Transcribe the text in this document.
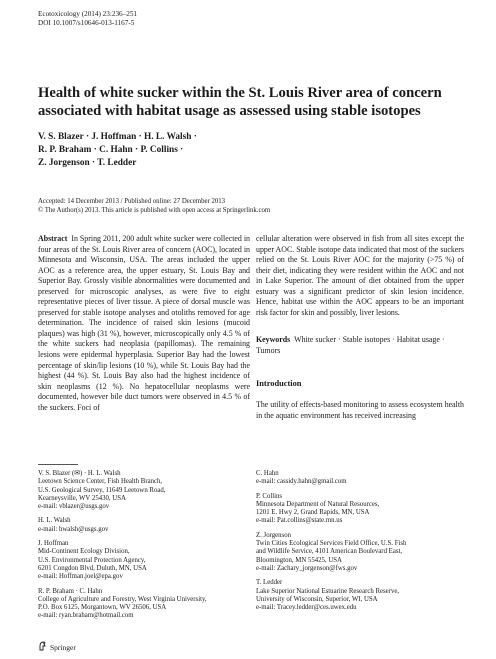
Ecotoxicology (2014) 23:236–251
DOI 10.1007/s10646-013-1167-5
Health of white sucker within the St. Louis River area of concern
associated with habitat usage as assessed using stable isotopes
V. S. Blazer · J. Hoffman · H. L. Walsh ·
R. P. Braham · C. Hahn · P. Collins ·
Z. Jorgenson · T. Ledder
Accepted: 14 December 2013 / Published online: 27 December 2013
© The Author(s) 2013. This article is published with open access at Springerlink.com
Abstract In Spring 2011, 200 adult white sucker were collected in four areas of the St. Louis River area of concern (AOC), located in Minnesota and Wisconsin, USA. The areas included the upper AOC as a reference area, the upper estuary, St. Louis Bay and Superior Bay. Grossly visible abnormalities were documented and preserved for microscopic analyses, as were five to eight representative pieces of liver tissue. A piece of dorsal muscle was preserved for stable isotope analyses and otoliths removed for age determination. The incidence of raised skin lesions (mucoid plaques) was high (31 %), however, microscopically only 4.5 % of the white suckers had neoplasia (papillomas). The remaining lesions were epidermal hyperplasia. Superior Bay had the lowest percentage of skin/lip lesions (10 %), while St. Louis Bay had the highest (44 %). St. Louis Bay also had the highest incidence of skin neoplasms (12 %). No hepatocellular neoplasms were documented, however bile duct tumors were observed in 4.5 % of the suckers. Foci of
cellular alteration were observed in fish from all sites except the upper AOC. Stable isotope data indicated that most of the suckers relied on the St. Louis River AOC for the majority (>75 %) of their diet, indicating they were resident within the AOC and not in Lake Superior. The amount of diet obtained from the upper estuary was a significant predictor of skin lesion incidence. Hence, habitat use within the AOC appears to be an important risk factor for skin and possibly, liver lesions.
Keywords White sucker · Stable isotopes · Habitat usage · Tumors
Introduction
The utility of effects-based monitoring to assess ecosystem health in the aquatic environment has received increasing
V. S. Blazer (✉) · H. L. Walsh
Leetown Science Center, Fish Health Branch,
U.S. Geological Survey, 11649 Leetown Road,
Kearneysville, WV 25430, USA
e-mail: vblazer@usgs.gov
H. L. Walsh
e-mail: hwalsh@usgs.gov
J. Hoffman
Mid-Continent Ecology Division,
U.S. Environmental Protection Agency,
6201 Congdon Blvd, Duluth, MN, USA
e-mail: Hoffman.joel@epa.gov
R. P. Braham · C. Hahn
College of Agriculture and Forestry, West Virginia University,
P.O. Box 6125, Morgantown, WV 26506, USA
e-mail: ryan.braham@hotmail.com
C. Hahn
e-mail: cassidy.hahn@gmail.com
P. Collins
Minnesota Department of Natural Resources,
1201 E. Hwy 2, Grand Rapids, MN, USA
e-mail: Pat.collins@state.mn.us
Z. Jorgenson
Twin Cities Ecological Services Field Office, U.S. Fish
and Wildlife Service, 4101 American Boulevard East,
Bloomington, MN 55425, USA
e-mail: Zachary_jorgenson@fws.gov
T. Ledder
Lake Superior National Estuarine Research Reserve,
University of Wisconsin, Superior, WI, USA
e-mail: Tracey.ledder@ces.uwex.edu
Springer
